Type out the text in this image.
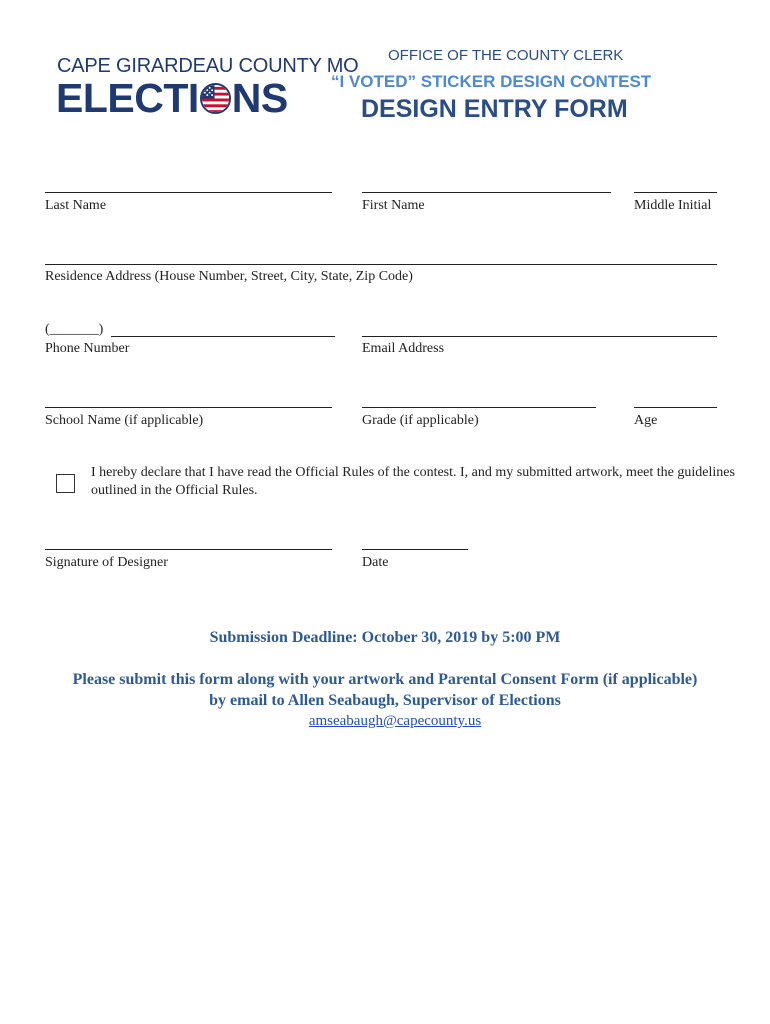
CAPE GIRARDEAU COUNTY MO
ELECTI NS
OFFICE OF THE COUNTY CLERK
“I VOTED” STICKER DESIGN CONTEST
DESIGN ENTRY FORM
Last Name	First Name	Middle Initial
Residence Address (House Number, Street, City, State, Zip Code)
(_______)
Phone Number	Email Address
School Name (if applicable)	Grade (if applicable)	Age
I hereby declare that I have read the Official Rules of the contest. I, and my submitted artwork, meet the guidelines outlined in the Official Rules.
Signature of Designer	Date
Submission Deadline: October 30, 2019 by 5:00 PM
Please submit this form along with your artwork and Parental Consent Form (if applicable)
by email to Allen Seabaugh, Supervisor of Elections
amseabaugh@capecounty.us
